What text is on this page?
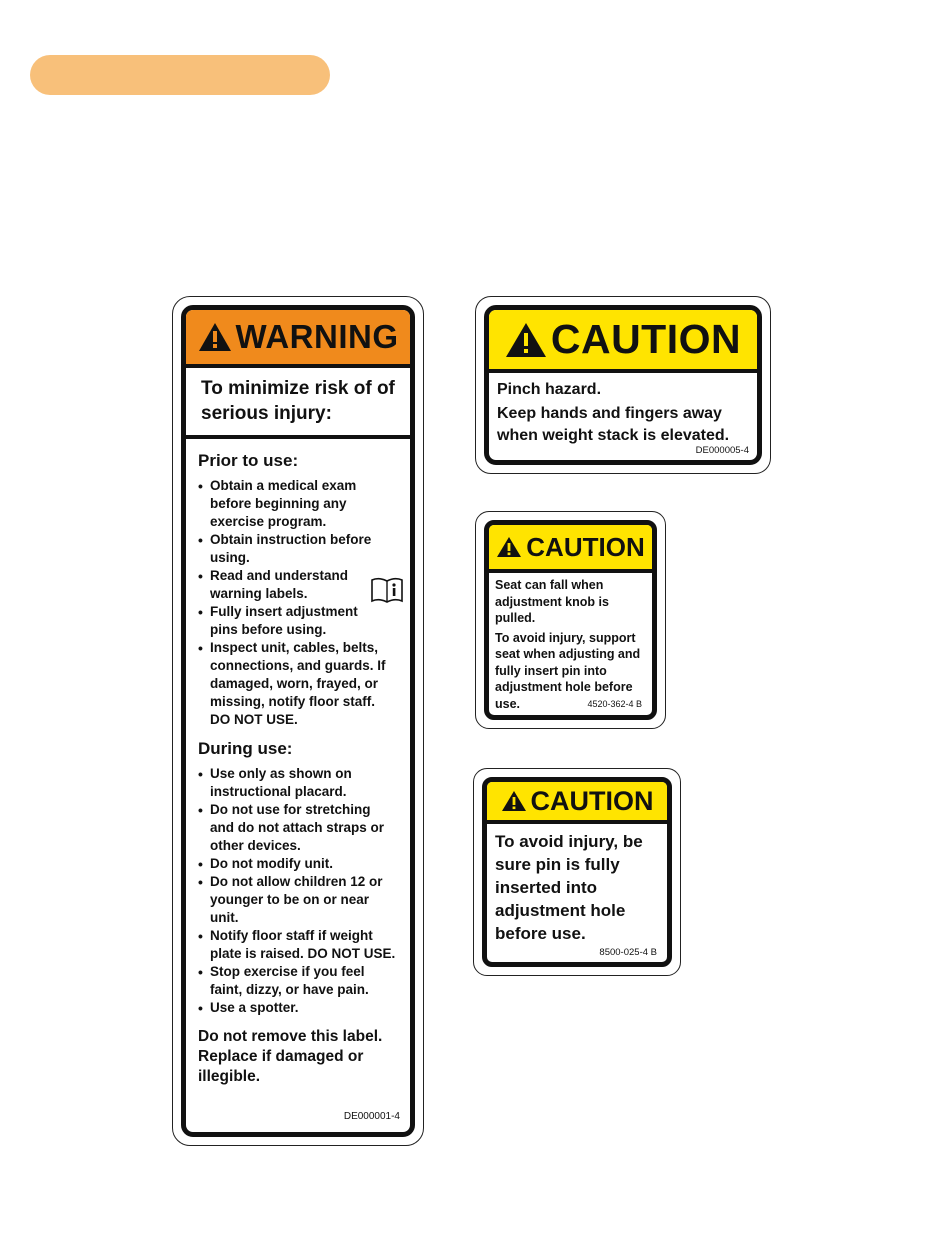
WARNING
To minimize risk of of serious injury:
Prior to use:
• Obtain a medical exam before beginning any exercise program.
• Obtain instruction before using.
• Read and understand warning labels.
• Fully insert adjustment pins before using.
• Inspect unit, cables, belts, connections, and guards. If damaged, worn, frayed, or missing, notify floor staff. DO NOT USE.
During use:
• Use only as shown on instructional placard.
• Do not use for stretching and do not attach straps or other devices.
• Do not modify unit.
• Do not allow children 12 or younger to be on or near unit.
• Notify floor staff if weight plate is raised. DO NOT USE.
• Stop exercise if you feel faint, dizzy, or have pain.
• Use a spotter.
Do not remove this label. Replace if damaged or illegible.
DE000001-4
CAUTION
Pinch hazard.
Keep hands and fingers away when weight stack is elevated.
DE000005-4
CAUTION
Seat can fall when adjustment knob is pulled.
To avoid injury, support seat when adjusting and fully insert pin into adjustment hole before use.	4520-362-4 B
CAUTION
To avoid injury, be sure pin is fully inserted into adjustment hole before use.
8500-025-4 B
